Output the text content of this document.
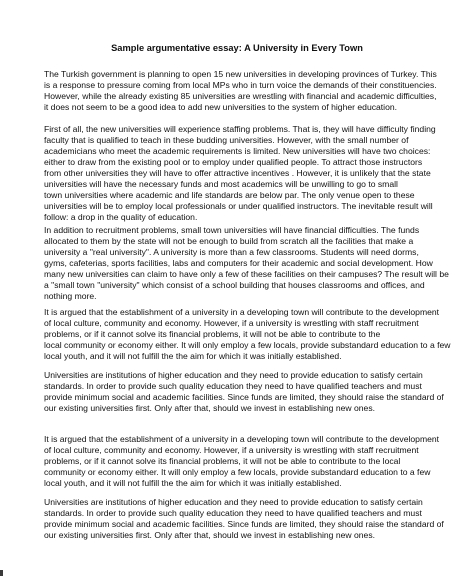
Sample argumentative essay: A University in Every Town

The Turkish government is planning to open 15 new universities in developing provinces of Turkey. This
is a response to pressure coming from local MPs who in turn voice the demands of their constituencies.
However, while the already existing 85 universities are wrestling with financial and academic difficulties,
it does not seem to be a good idea to add new universities to the system of higher education.

First of all, the new universities will experience staffing problems. That is, they will have difficulty finding
faculty that is qualified to teach in these budding universities. However, with the small number of
academicians who meet the academic requirements is limited. New universities will have two choices:
either to draw from the existing pool or to employ under qualified people. To attract those instructors
from other universities they will have to offer attractive incentives . However, it is unlikely that the state
universities will have the necessary funds and most academics will be unwilling to go to small
town universities where academic and life standards are below par. The only venue open to these
universities will be to employ local professionals or under qualified instructors. The inevitable result will
follow: a drop in the quality of education.

In addition to recruitment problems, small town universities will have financial difficulties. The funds
allocated to them by the state will not be enough to build from scratch all the facilities that make a
university a "real university". A university is more than a few classrooms. Students will need dorms,
gyms, cafeterias, sports facilities, labs and computers for their academic and social development. How
many new universities can claim to have only a few of these facilities on their campuses? The result will be
a "small town "university" which consist of a school building that houses classrooms and offices, and
nothing more.

It is argued that the establishment of a university in a developing town will contribute to the development
of local culture, community and economy. However, if a university is wrestling with staff recruitment
problems, or if it cannot solve its financial problems, it will not be able to contribute to the
local community or economy either. It will only employ a few locals, provide substandard education to a few
local youth, and it will not fulfill the the aim for which it was initially established.

Universities are institutions of higher education and they need to provide education to satisfy certain
standards. In order to provide such quality education they need to have qualified teachers and must
provide minimum social and academic facilities. Since funds are limited, they should raise the standard of
our existing universities first. Only after that, should we invest in establishing new ones.

It is argued that the establishment of a university in a developing town will contribute to the development
of local culture, community and economy. However, if a university is wrestling with staff recruitment
problems, or if it cannot solve its financial problems, it will not be able to contribute to the local
community or economy either. It will only employ a few locals, provide substandard education to a few
local youth, and it will not fulfill the the aim for which it was initially established.

Universities are institutions of higher education and they need to provide education to satisfy certain
standards. In order to provide such quality education they need to have qualified teachers and must
provide minimum social and academic facilities. Since funds are limited, they should raise the standard of
our existing universities first. Only after that, should we invest in establishing new ones.
